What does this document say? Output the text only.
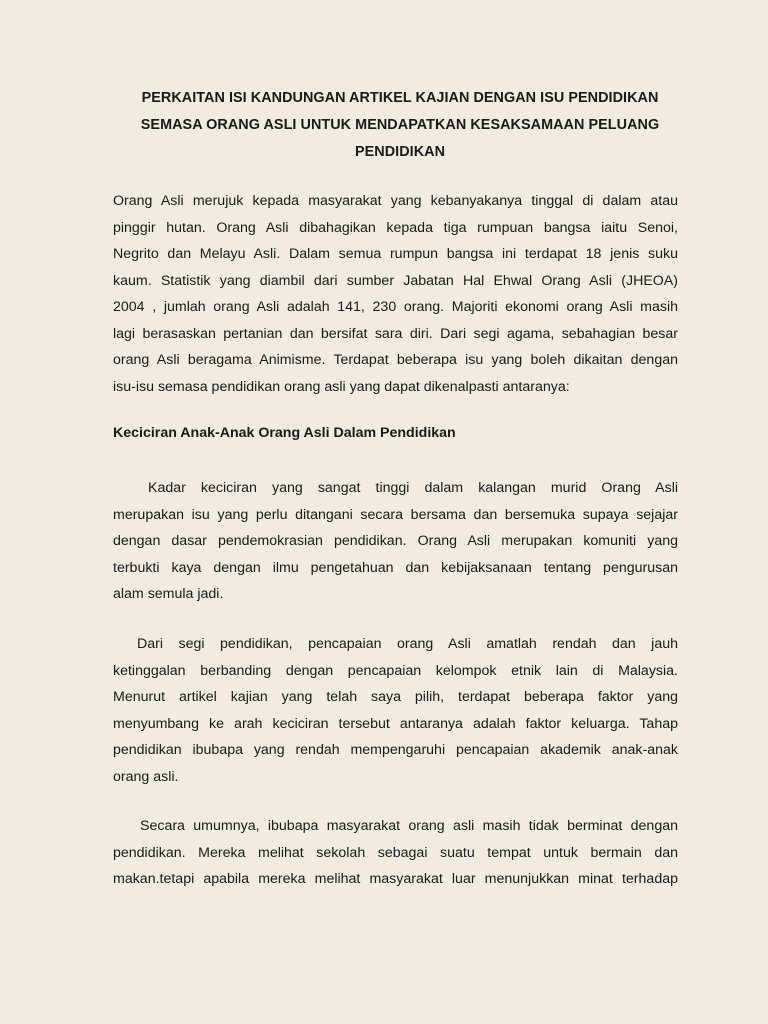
PERKAITAN ISI KANDUNGAN ARTIKEL KAJIAN DENGAN ISU PENDIDIKAN
SEMASA ORANG ASLI UNTUK MENDAPATKAN KESAKSAMAAN PELUANG
PENDIDIKAN
Orang Asli merujuk kepada masyarakat yang kebanyakanya tinggal di dalam atau
pinggir hutan. Orang Asli dibahagikan kepada tiga rumpuan bangsa iaitu Senoi,
Negrito dan Melayu Asli. Dalam semua rumpun bangsa ini terdapat 18 jenis suku
kaum. Statistik yang diambil dari sumber Jabatan Hal Ehwal Orang Asli (JHEOA)
2004 , jumlah orang Asli adalah 141, 230 orang. Majoriti ekonomi orang Asli masih
lagi berasaskan pertanian dan bersifat sara diri. Dari segi agama, sebahagian besar
orang Asli beragama Animisme. Terdapat beberapa isu yang boleh dikaitan dengan
isu-isu semasa pendidikan orang asli yang dapat dikenalpasti antaranya:
Keciciran Anak-Anak Orang Asli Dalam Pendidikan
Kadar keciciran yang sangat tinggi dalam kalangan murid Orang Asli
merupakan isu yang perlu ditangani secara bersama dan bersemuka supaya sejajar
dengan dasar pendemokrasian pendidikan. Orang Asli merupakan komuniti yang
terbukti kaya dengan ilmu pengetahuan dan kebijaksanaan tentang pengurusan
alam semula jadi.
Dari segi pendidikan, pencapaian orang Asli amatlah rendah dan jauh
ketinggalan berbanding dengan pencapaian kelompok etnik lain di Malaysia.
Menurut artikel kajian yang telah saya pilih, terdapat beberapa faktor yang
menyumbang ke arah keciciran tersebut antaranya adalah faktor keluarga. Tahap
pendidikan ibubapa yang rendah mempengaruhi pencapaian akademik anak-anak
orang asli.
Secara umumnya, ibubapa masyarakat orang asli masih tidak berminat dengan
pendidikan. Mereka melihat sekolah sebagai suatu tempat untuk bermain dan
makan.tetapi apabila mereka melihat masyarakat luar menunjukkan minat terhadap
